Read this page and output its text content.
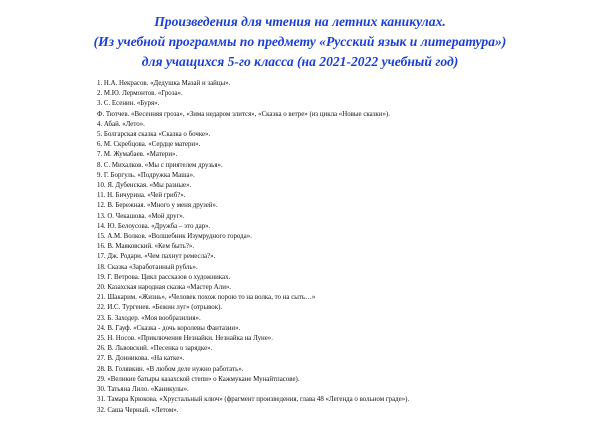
Произведения для чтения на летних каникулах.
(Из учебной программы по предмету «Русский язык и литература»)
для учащихся 5-го класса (на 2021-2022 учебный год)
1. Н.А. Некрасов. «Дедушка Мазай и зайцы».
2. М.Ю. Лермонтов. «Гроза».
3. С. Есенин. «Буря».
Ф. Тютчев. «Весенняя гроза», «Зима недаром злится», «Сказка о ветре» (из цикла «Новые сказки»).
4. Абай. «Лето».
5. Болгарская сказка «Сказка о бочке».
6. М. Скребцова. «Сердце матери».
7. М. Жумабаев. «Матери».
8. С. Михалков. «Мы с приятелем друзья».
9. Г. Боргуль. «Подружка Маша».
10. Я. Дубенская. «Мы разные».
11. Н. Бичурина. «Чей гриб?».
12. В. Бережная. «Много у меня друзей».
13. О. Чекашова. «Мой друг».
14. Ю. Белоусова. «Дружба – это дар».
15. А.М. Волков. «Волшебник Изумрудного города».
16. В. Маяковский. «Кем быть?».
17. Дж. Родари. «Чем пахнут ремесла?».
18. Сказка «Заработанный рубль».
19. Г. Ветрова. Цикл рассказов о художниках.
20. Казахская народная сказка «Мастер Али».
21. Шакарим. «Жизнь», «Человек похож порою то на волка, то на сыть…»
22. И.С. Тургенев. «Бежин луг» (отрывок).
23. Б. Заходер. «Моя вообразилия».
24. В. Гауф. «Сказка - дочь королевы Фантазии».
25. Н. Носов. «Приключения Незнайки. Незнайка на Луне».
26. В. Львовский. «Песенка о зарядке».
27. В. Донникова. «На катке».
28. В. Голявкин. «В любом деле нужно работать».
29. «Великие батыры казахской степи» о Кажмукане Мунайтпасове).
30. Татьяна Лилo. «Каникулы».
31. Тамара Крюкова. «Хрустальный ключ» (фрагмент произведения, глава 48 «Легенда о вольном граде»).
32. Саша Черный. «Летом».
